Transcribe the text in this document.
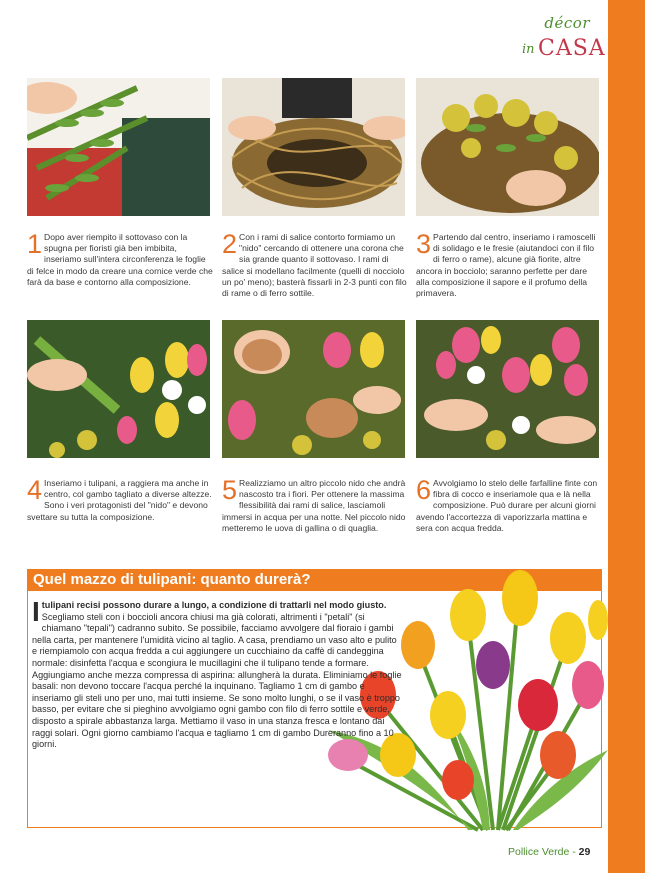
décor
in CASA
1 Dopo aver riempito il sottovaso con la spugna per fioristi già ben imbibita, inseriamo sull'intera circonferenza le foglie di felce in modo da creare una cornice verde che farà da base e contorno alla composizione.
2 Con i rami di salice contorto formiamo un "nido" cercando di ottenere una corona che sia grande quanto il sottovaso. I rami di salice si modellano facilmente (quelli di nocciolo un po' meno); basterà fissarli in 2-3 punti con filo di rame o di ferro sottile.
3 Partendo dal centro, inseriamo i ramoscelli di solidago e le fresie (aiutandoci con il filo di ferro o rame), alcune già fiorite, altre ancora in bocciolo; saranno perfette per dare alla composizione il sapore e il profumo della primavera.
4 Inseriamo i tulipani, a raggiera ma anche in centro, col gambo tagliato a diverse altezze. Sono i veri protagonisti del "nido" e devono svettare su tutta la composizione.
5 Realizziamo un altro piccolo nido che andrà nascosto tra i fiori. Per ottenere la massima flessibilità dai rami di salice, lasciamoli immersi in acqua per una notte. Nel piccolo nido metteremo le uova di gallina o di quaglia.
6 Avvolgiamo lo stelo delle farfalline finte con fibra di cocco e inseriamole qua e là nella composizione. Può durare per alcuni giorni avendo l'accortezza di vaporizzarla mattina e sera con acqua fredda.
Quel mazzo di tulipani: quanto durerà?
Itulipani recisi possono durare a lungo, a condizione di trattarli nel modo giusto. Scegliamo steli con i boccioli ancora chiusi ma già colorati, altrimenti i "petali" (si chiamano "tepali") cadranno subito. Se possibile, facciamo avvolgere dal fioraio i gambi nella carta, per mantenere l'umidità vicino al taglio. A casa, prendiamo un vaso alto e pulito e riempiamolo con acqua fredda a cui aggiungere un cucchiaino da caffè di candeggina normale: disinfetta l'acqua e scongiura le mucillagini che il tulipano tende a formare. Aggiungiamo anche mezza compressa di aspirina: allungherà la durata. Eliminiamo le foglie basali: non devono toccare l'acqua perché la inquinano. Tagliamo 1 cm di gambo e inseriamo gli steli uno per uno, mai tutti insieme. Se sono molto lunghi, o se il vaso è troppo basso, per evitare che si pieghino avvolgiamo ogni gambo con filo di ferro sottile e verde, disposto a spirale abbastanza larga. Mettiamo il vaso in una stanza fresca e lontano dai raggi solari. Ogni giorno cambiamo l'acqua e tagliamo 1 cm di gambo Dureranno fino a 10 giorni.
Pollice Verde - 29
